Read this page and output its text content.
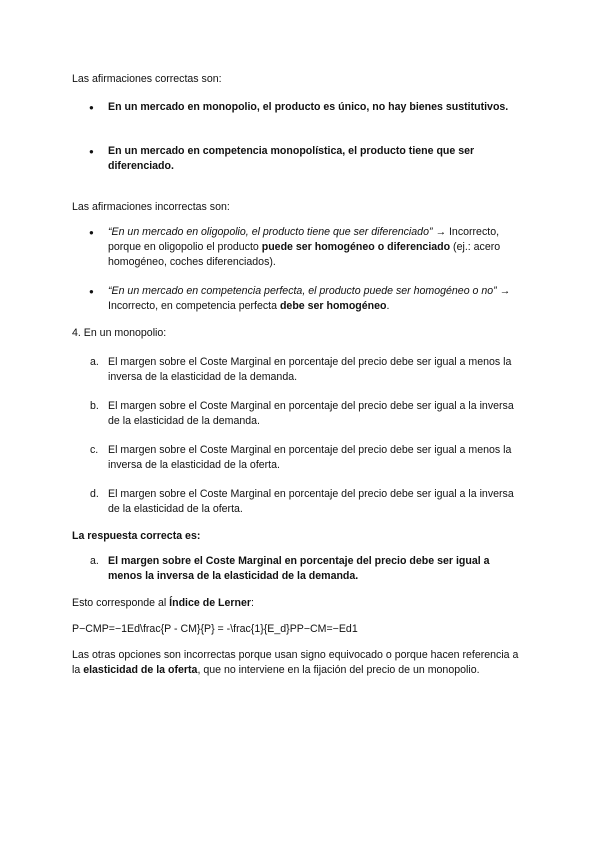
Las afirmaciones correctas son:

● En un mercado en monopolio, el producto es único, no hay bienes sustitutivos.

● En un mercado en competencia monopolística, el producto tiene que ser diferenciado.

Las afirmaciones incorrectas son:

● “En un mercado en oligopolio, el producto tiene que ser diferenciado” → Incorrecto, porque en oligopolio el producto puede ser homogéneo o diferenciado (ej.: acero homogéneo, coches diferenciados).

● “En un mercado en competencia perfecta, el producto puede ser homogéneo o no” → Incorrecto, en competencia perfecta debe ser homogéneo.

4. En un monopolio:

a. El margen sobre el Coste Marginal en porcentaje del precio debe ser igual a menos la inversa de la elasticidad de la demanda.

b. El margen sobre el Coste Marginal en porcentaje del precio debe ser igual a la inversa de la elasticidad de la demanda.

c. El margen sobre el Coste Marginal en porcentaje del precio debe ser igual a menos la inversa de la elasticidad de la oferta.

d. El margen sobre el Coste Marginal en porcentaje del precio debe ser igual a la inversa de la elasticidad de la oferta.

La respuesta correcta es:

a. El margen sobre el Coste Marginal en porcentaje del precio debe ser igual a menos la inversa de la elasticidad de la demanda.

Esto corresponde al Índice de Lerner:

P−CMP=−1Ed\frac{P - CM}{P} = -\frac{1}{E_d}PP−CM=−Ed1

Las otras opciones son incorrectas porque usan signo equivocado o porque hacen referencia a la elasticidad de la oferta, que no interviene en la fijación del precio de un monopolio.
